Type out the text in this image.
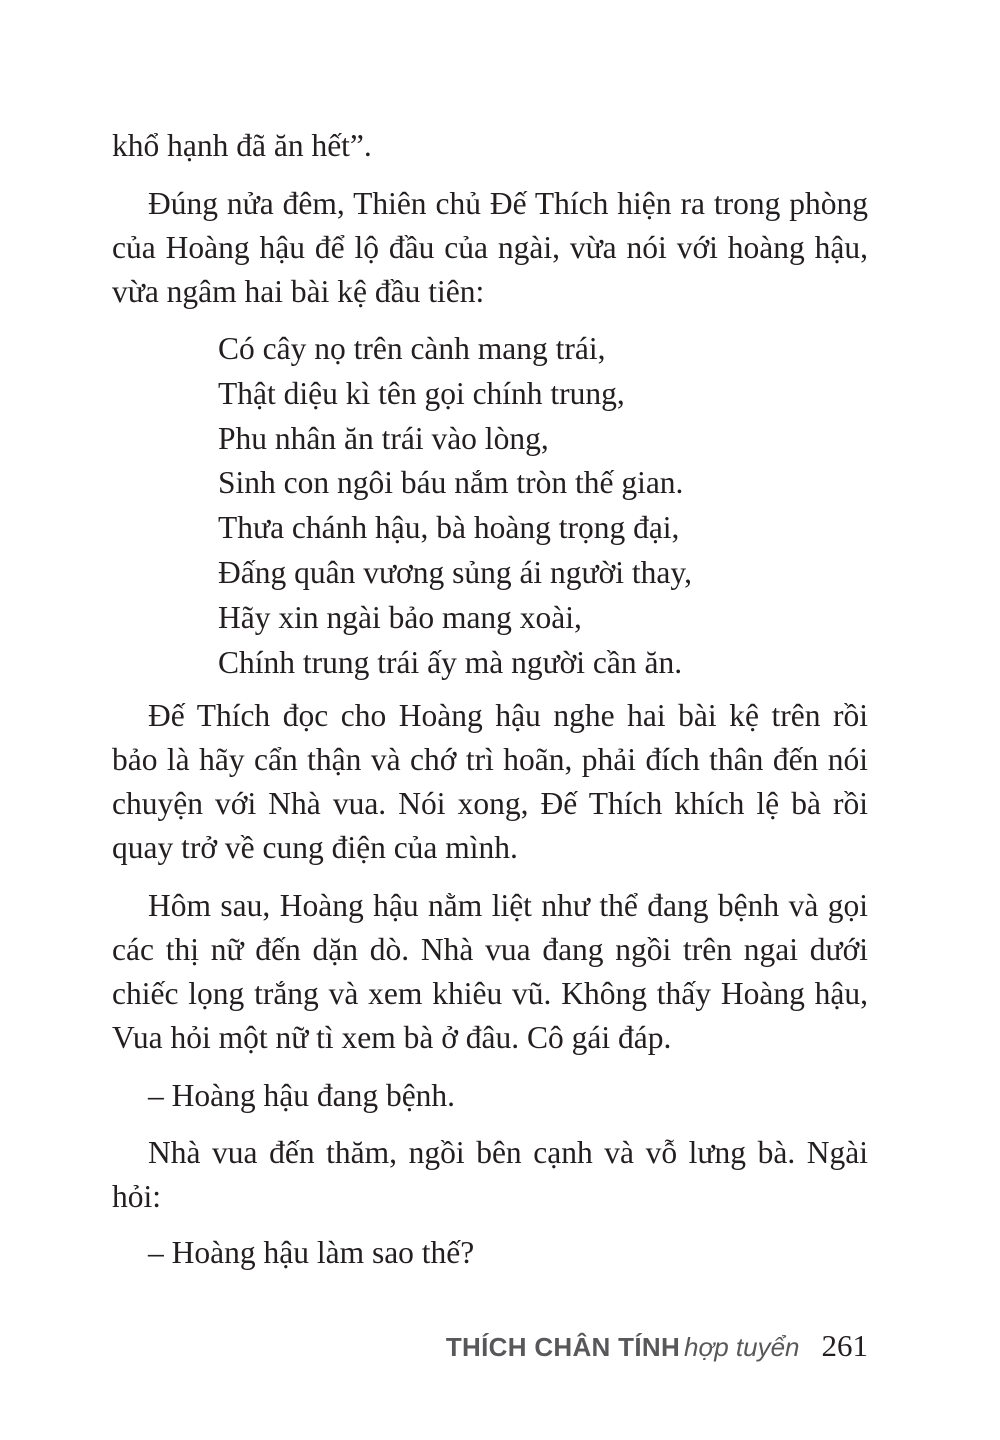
khổ hạnh đã ăn hết”.

Đúng nửa đêm, Thiên chủ Đế Thích hiện ra trong phòng của Hoàng hậu để lộ đầu của ngài, vừa nói với hoàng hậu, vừa ngâm hai bài kệ đầu tiên:

Có cây nọ trên cành mang trái,
Thật diệu kì tên gọi chính trung,
Phu nhân ăn trái vào lòng,
Sinh con ngôi báu nắm tròn thế gian.
Thưa chánh hậu, bà hoàng trọng đại,
Đấng quân vương sủng ái người thay,
Hãy xin ngài bảo mang xoài,
Chính trung trái ấy mà người cần ăn.

Đế Thích đọc cho Hoàng hậu nghe hai bài kệ trên rồi bảo là hãy cẩn thận và chớ trì hoãn, phải đích thân đến nói chuyện với Nhà vua. Nói xong, Đế Thích khích lệ bà rồi quay trở về cung điện của mình.

Hôm sau, Hoàng hậu nằm liệt như thể đang bệnh và gọi các thị nữ đến dặn dò. Nhà vua đang ngồi trên ngai dưới chiếc lọng trắng và xem khiêu vũ. Không thấy Hoàng hậu, Vua hỏi một nữ tì xem bà ở đâu. Cô gái đáp.

– Hoàng hậu đang bệnh.

Nhà vua đến thăm, ngồi bên cạnh và vỗ lưng bà. Ngài hỏi:

– Hoàng hậu làm sao thế?

THÍCH CHÂN TÍNH hợp tuyển 261
